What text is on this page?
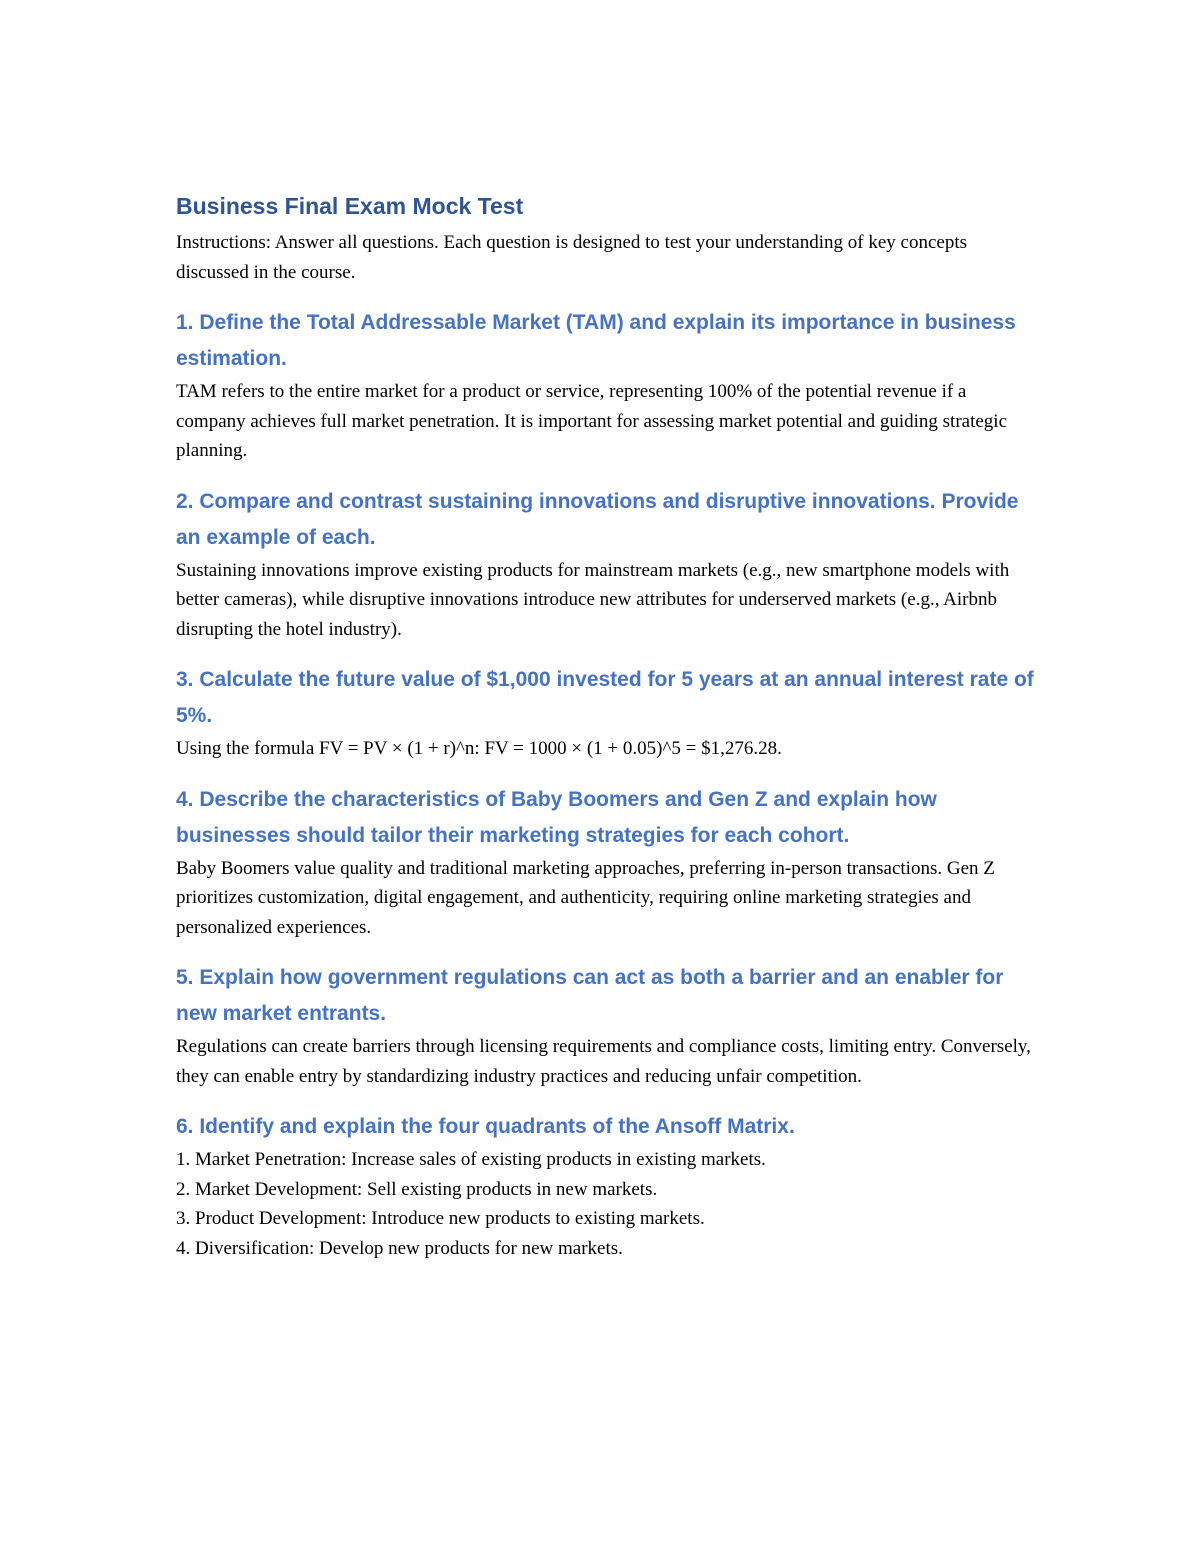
Business Final Exam Mock Test

Instructions: Answer all questions. Each question is designed to test your understanding of key concepts discussed in the course.

1. Define the Total Addressable Market (TAM) and explain its importance in business estimation.

TAM refers to the entire market for a product or service, representing 100% of the potential revenue if a company achieves full market penetration. It is important for assessing market potential and guiding strategic planning.

2. Compare and contrast sustaining innovations and disruptive innovations. Provide an example of each.

Sustaining innovations improve existing products for mainstream markets (e.g., new smartphone models with better cameras), while disruptive innovations introduce new attributes for underserved markets (e.g., Airbnb disrupting the hotel industry).

3. Calculate the future value of $1,000 invested for 5 years at an annual interest rate of 5%.

Using the formula FV = PV × (1 + r)^n: FV = 1000 × (1 + 0.05)^5 = $1,276.28.

4. Describe the characteristics of Baby Boomers and Gen Z and explain how businesses should tailor their marketing strategies for each cohort.

Baby Boomers value quality and traditional marketing approaches, preferring in-person transactions. Gen Z prioritizes customization, digital engagement, and authenticity, requiring online marketing strategies and personalized experiences.

5. Explain how government regulations can act as both a barrier and an enabler for new market entrants.

Regulations can create barriers through licensing requirements and compliance costs, limiting entry. Conversely, they can enable entry by standardizing industry practices and reducing unfair competition.

6. Identify and explain the four quadrants of the Ansoff Matrix.
1. Market Penetration: Increase sales of existing products in existing markets.
2. Market Development: Sell existing products in new markets.
3. Product Development: Introduce new products to existing markets.
4. Diversification: Develop new products for new markets.
